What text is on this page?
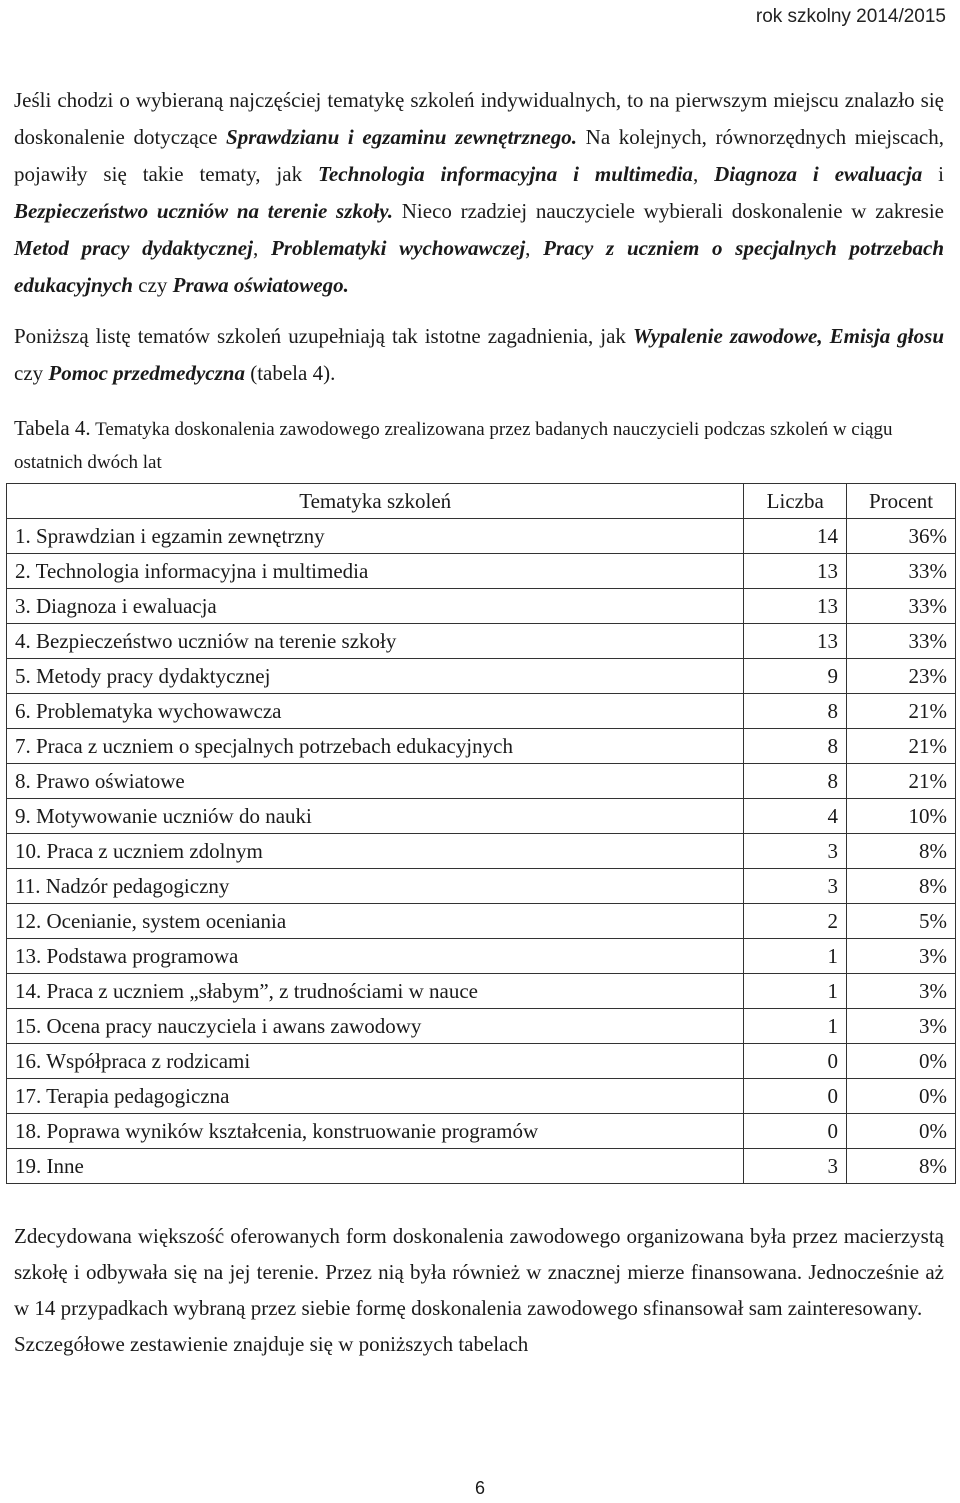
rok szkolny 2014/2015

Jeśli chodzi o wybieraną najczęściej tematykę szkoleń indywidualnych, to na pierwszym miejscu znalazło się doskonalenie dotyczące Sprawdzianu i egzaminu zewnętrznego. Na kolejnych, równorzędnych miejscach, pojawiły się takie tematy, jak Technologia informacyjna i multimedia, Diagnoza i ewaluacja i Bezpieczeństwo uczniów na terenie szkoły. Nieco rzadziej nauczyciele wybierali doskonalenie w zakresie Metod pracy dydaktycznej, Problematyki wychowawczej, Pracy z uczniem o specjalnych potrzebach edukacyjnych czy Prawa oświatowego.

Poniższą listę tematów szkoleń uzupełniają tak istotne zagadnienia, jak Wypalenie zawodowe, Emisja głosu czy Pomoc przedmedyczna (tabela 4).

Tabela 4. Tematyka doskonalenia zawodowego zrealizowana przez badanych nauczycieli podczas szkoleń w ciągu ostatnich dwóch lat

Tematyka szkoleń	Liczba	Procent
1. Sprawdzian i egzamin zewnętrzny	14	36%
2. Technologia informacyjna i multimedia	13	33%
3. Diagnoza i ewaluacja	13	33%
4. Bezpieczeństwo uczniów na terenie szkoły	13	33%
5. Metody pracy dydaktycznej	9	23%
6. Problematyka wychowawcza	8	21%
7. Praca z uczniem o specjalnych potrzebach edukacyjnych	8	21%
8. Prawo oświatowe	8	21%
9. Motywowanie uczniów do nauki	4	10%
10. Praca z uczniem zdolnym	3	8%
11. Nadzór pedagogiczny	3	8%
12. Ocenianie, system oceniania	2	5%
13. Podstawa programowa	1	3%
14. Praca z uczniem „słabym”, z trudnościami w nauce	1	3%
15. Ocena pracy nauczyciela i awans zawodowy	1	3%
16. Współpraca z rodzicami	0	0%
17. Terapia pedagogiczna	0	0%
18. Poprawa wyników kształcenia, konstruowanie programów	0	0%
19. Inne	3	8%

Zdecydowana większość oferowanych form doskonalenia zawodowego organizowana była przez macierzystą szkołę i odbywała się na jej terenie. Przez nią była również w znacznej mierze finansowana. Jednocześnie aż w 14 przypadkach wybraną przez siebie formę doskonalenia zawodowego sfinansował sam zainteresowany.

Szczegółowe zestawienie znajduje się w poniższych tabelach

6
